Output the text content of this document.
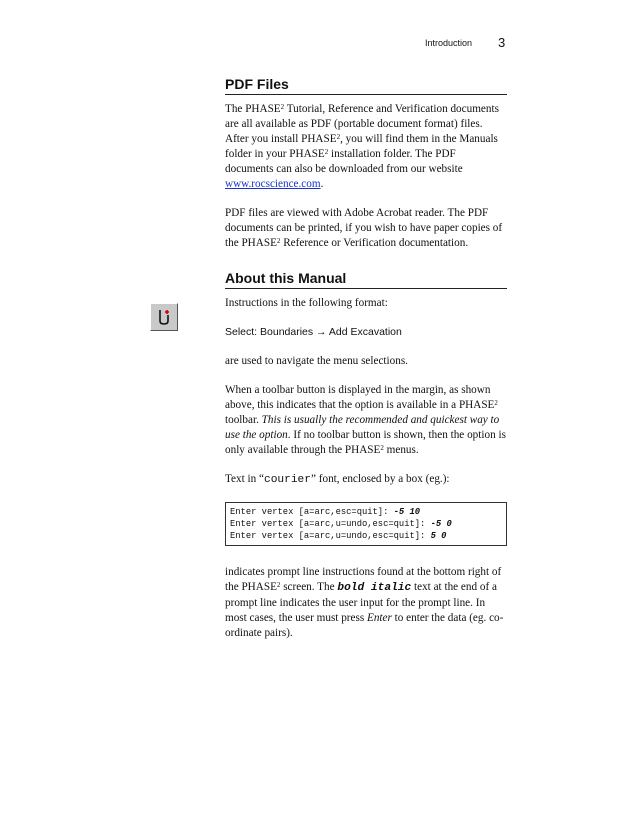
Introduction 3
PDF Files

The PHASE$^2$ Tutorial, Reference and Verification documents are all available as PDF (portable document format) files. After you install PHASE$^2$, you will find them in the Manuals folder in your PHASE$^2$ installation folder. The PDF documents can also be downloaded from our website www.rocscience.com.

PDF files are viewed with Adobe Acrobat reader. The PDF documents can be printed, if you wish to have paper copies of the PHASE$^2$ Reference or Verification documentation.

About this Manual

Instructions in the following format:

Select: Boundaries → Add Excavation

are used to navigate the menu selections.

When a toolbar button is displayed in the margin, as shown above, this indicates that the option is available in a PHASE$^2$ toolbar. This is usually the recommended and quickest way to use the option. If no toolbar button is shown, then the option is only available through the PHASE$^2$ menus.

Text in “courier” font, enclosed by a box (eg.):

Enter vertex [a=arc,esc=quit]: -5 10
Enter vertex [a=arc,u=undo,esc=quit]: -5 0
Enter vertex [a=arc,u=undo,esc=quit]: 5 0

indicates prompt line instructions found at the bottom right of the PHASE$^2$ screen. The bold italic text at the end of a prompt line indicates the user input for the prompt line. In most cases, the user must press Enter to enter the data (eg. co-ordinate pairs).
